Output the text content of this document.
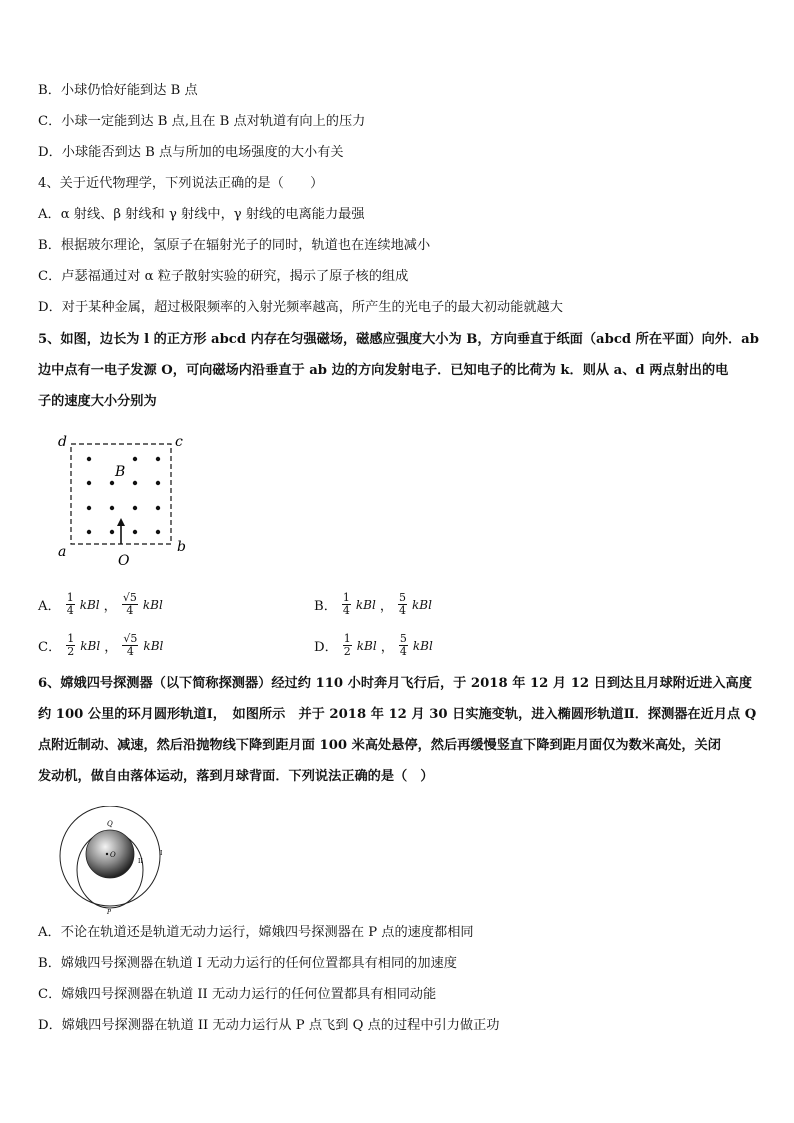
B．小球仍恰好能到达 B 点
C．小球一定能到达 B 点,且在 B 点对轨道有向上的压力
D．小球能否到达 B 点与所加的电场强度的大小有关
4、关于近代物理学，下列说法正确的是（　　）
A．α 射线、β 射线和 γ 射线中，γ 射线的电离能力最强
B．根据玻尔理论，氢原子在辐射光子的同时，轨道也在连续地减小
C．卢瑟福通过对 α 粒子散射实验的研究，揭示了原子核的组成
D．对于某种金属，超过极限频率的入射光频率越高，所产生的光电子的最大初动能就越大
5、如图，边长为 l 的正方形 abcd 内存在匀强磁场，磁感应强度大小为 B，方向垂直于纸面（abcd 所在平面）向外．ab
边中点有一电子发源 O，可向磁场内沿垂直于 ab 边的方向发射电子．已知电子的比荷为 k．则从 a、d 两点射出的电
子的速度大小分别为
d	c
a	b
B
O
A． $\frac{1}{4}$ kBl ， $\frac{√5}{4}$ kBl	B． $\frac{1}{4}$ kBl ， $\frac{5}{4}$ kBl
C． $\frac{1}{2}$ kBl ， $\frac{√5}{4}$ kBl	D． $\frac{1}{2}$ kBl ， $\frac{5}{4}$ kBl
6、嫦娥四号探测器（以下简称探测器）经过约 110 小时奔月飞行后，于 2018 年 12 月 12 日到达且月球附近进入高度
约 100 公里的环月圆形轨道Ⅰ，　如图所示　并于 2018 年 12 月 30 日实施变轨，进入椭圆形轨道Ⅱ．探测器在近月点 Q
点附近制动、减速，然后沿抛物线下降到距月面 100 米高处悬停，然后再缓慢竖直下降到距月面仅为数米高处，关闭
发动机，做自由落体运动，落到月球背面．下列说法正确的是（　）
O
Q
II
I
P
A．不论在轨道还是轨道无动力运行，嫦娥四号探测器在 P 点的速度都相同
B．嫦娥四号探测器在轨道 I 无动力运行的任何位置都具有相同的加速度
C．嫦娥四号探测器在轨道 II 无动力运行的任何位置都具有相同动能
D．嫦娥四号探测器在轨道 II 无动力运行从 P 点飞到 Q 点的过程中引力做正功
